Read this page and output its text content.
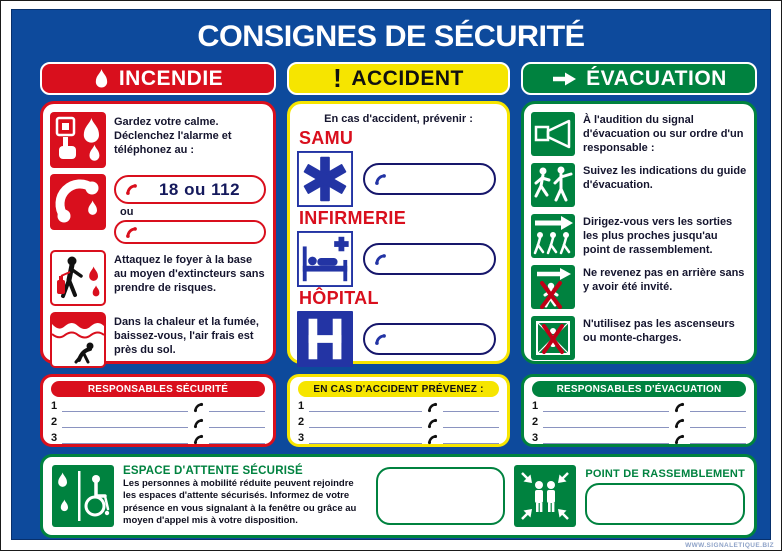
CONSIGNES DE SÉCURITÉ
INCENDIE
Gardez votre calme. Déclenchez l'alarme et téléphonez au :
18 ou 112
ou
Attaquez le foyer à la base au moyen d'extincteurs sans prendre de risques.
Dans la chaleur et la fumée, baissez-vous, l'air frais est près du sol.
! ACCIDENT
En cas d'accident, prévenir :
SAMU
INFIRMERIE
HÔPITAL
ÉVACUATION
À l'audition du signal d'évacuation ou sur ordre d'un responsable :
Suivez les indications du guide d'évacuation.
Dirigez-vous vers les sorties les plus proches jusqu'au point de rassemblement.
Ne revenez pas en arrière sans y avoir été invité.
N'utilisez pas les ascenseurs ou monte-charges.
RESPONSABLES SÉCURITÉ
1
2
3
EN CAS D'ACCIDENT PRÉVENEZ :
1
2
3
RESPONSABLES D'ÉVACUATION
1
2
3
ESPACE D'ATTENTE SÉCURISÉ
Les personnes à mobilité réduite peuvent rejoindre les espaces d'attente sécurisés. Informez de votre présence en vous signalant à la fenêtre ou grâce au moyen d'appel mis à votre disposition.
POINT DE RASSEMBLEMENT
WWW.SIGNALETIQUE.BIZ
